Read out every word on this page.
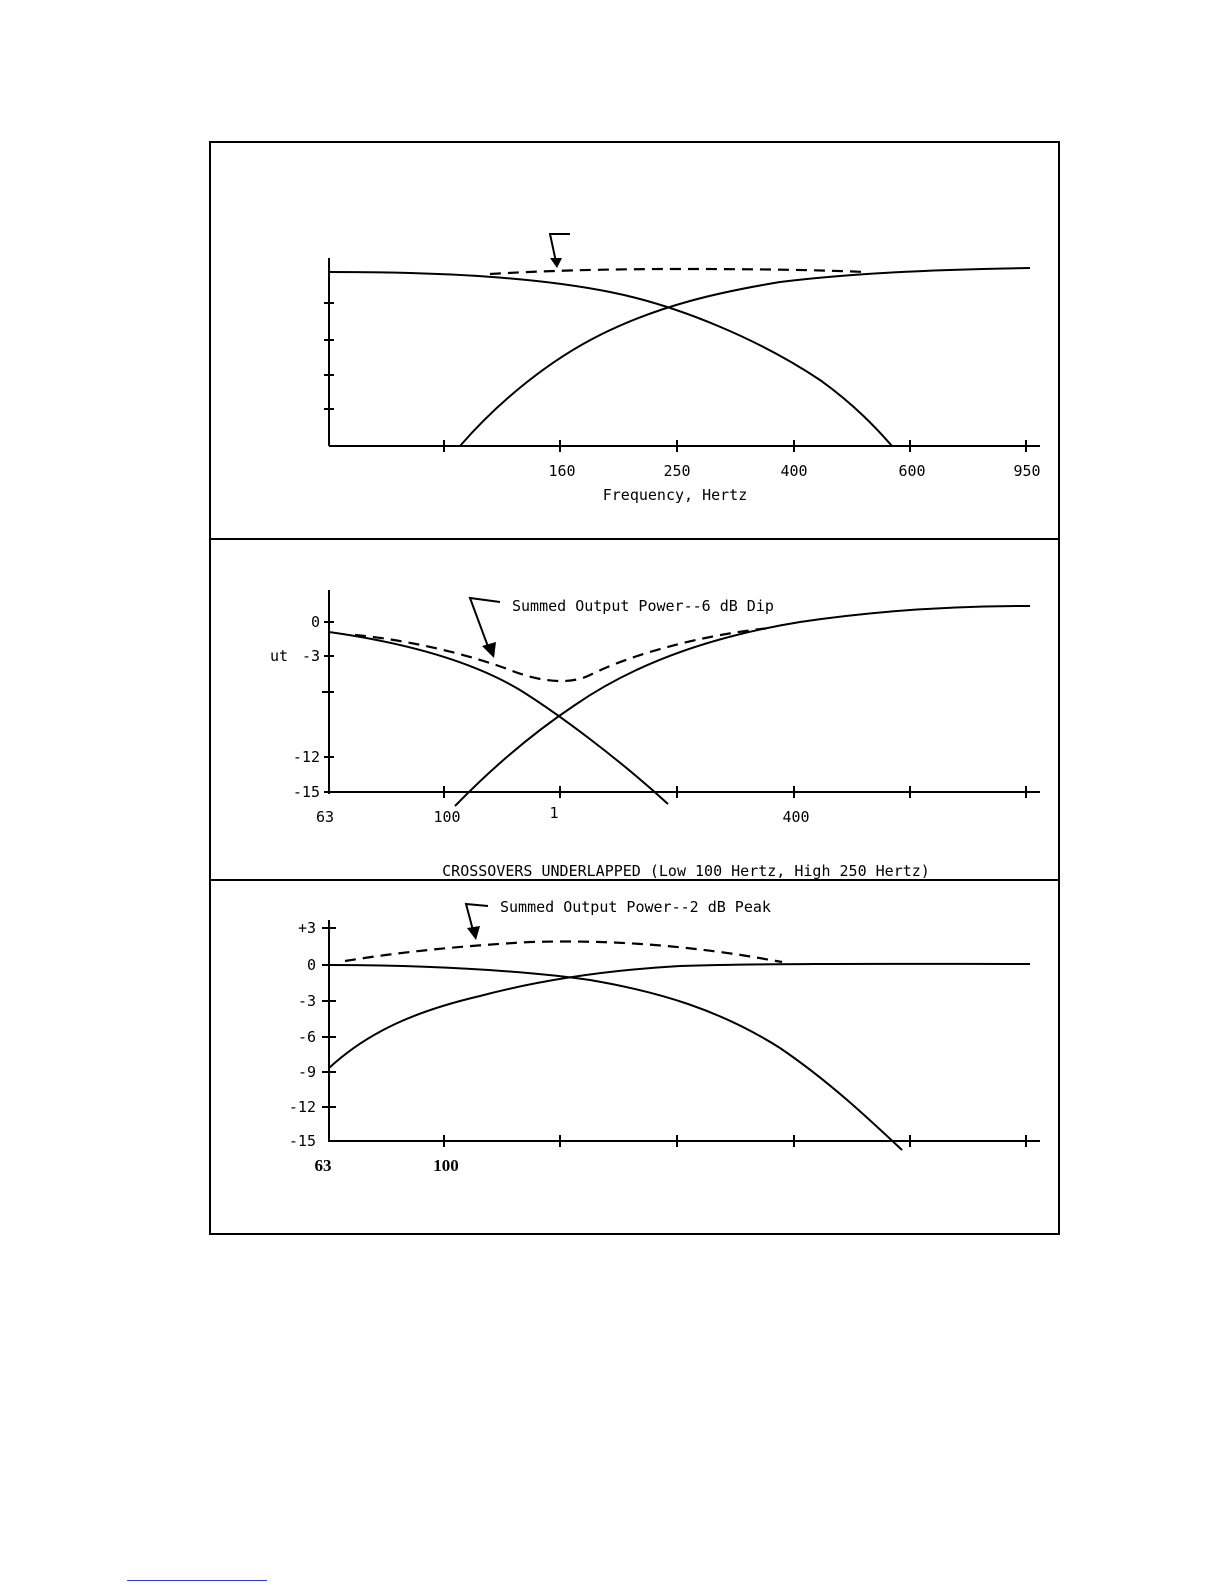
160	250	400	600	950
Frequency, Hertz
Summed Output Power--6 dB Dip
ut
0
-3
-12
-15
63	100	1	400
CROSSOVERS UNDERLAPPED (Low 100 Hertz, High 250 Hertz)
Summed Output Power--2 dB Peak
+3
0
-3
-6
-9
-12
-15
63	100
